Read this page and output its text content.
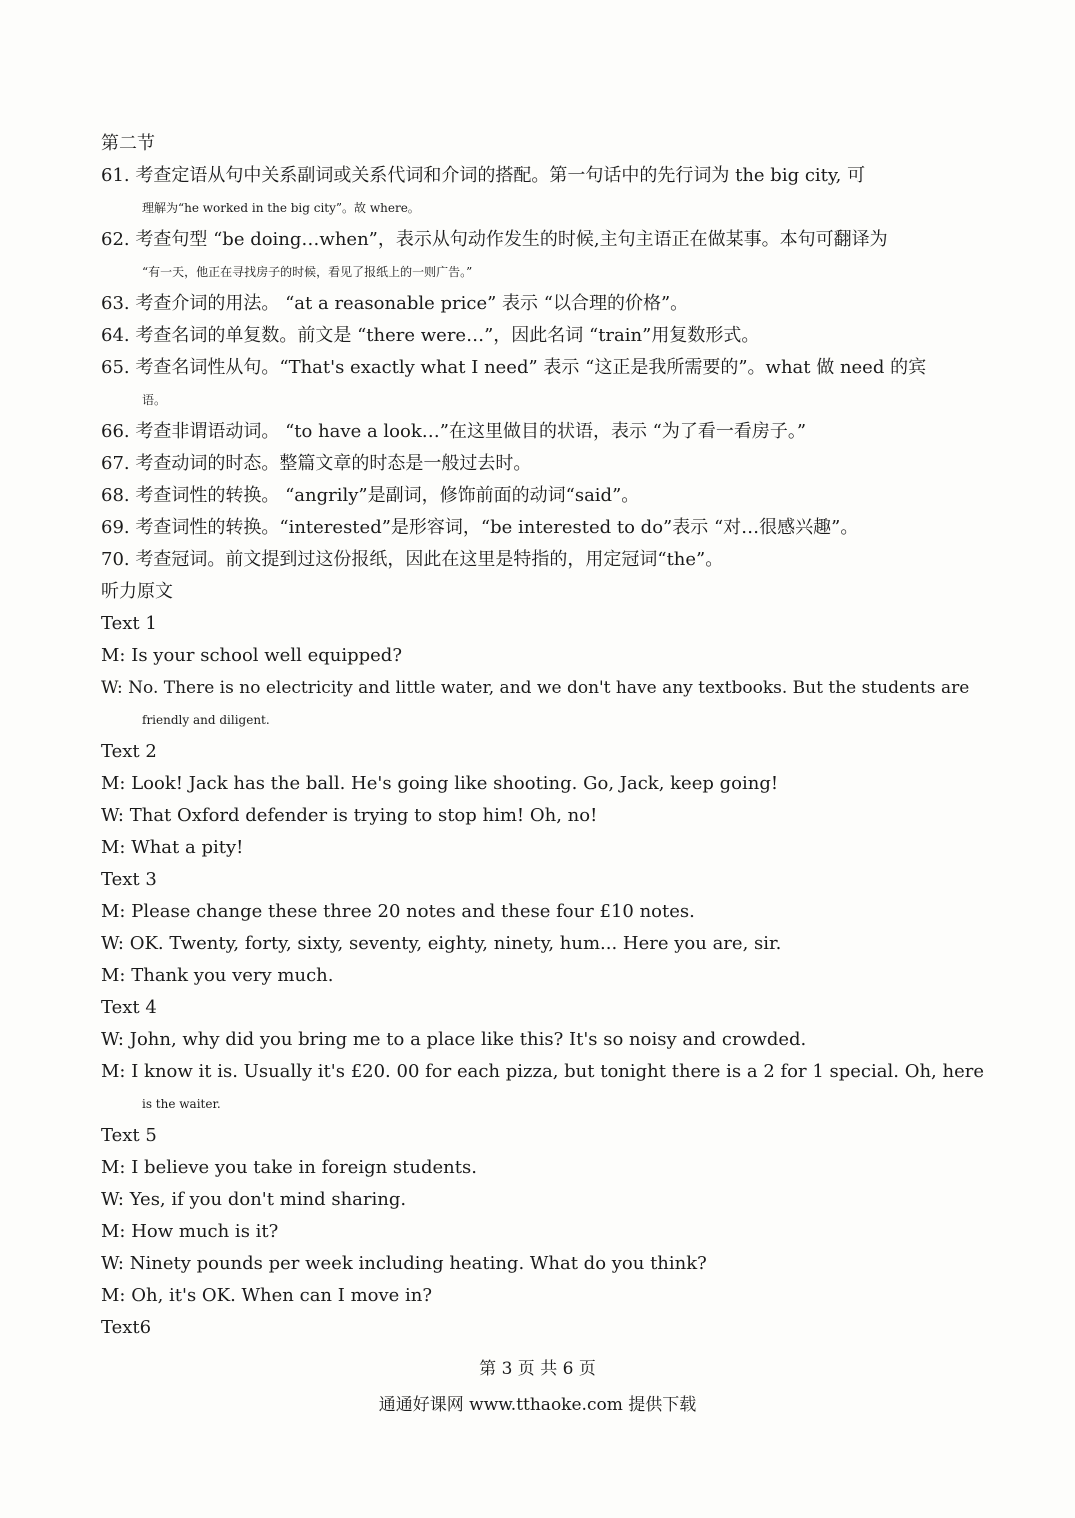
第二节
61. 考查定语从句中关系副词或关系代词和介词的搭配。第一句话中的先行词为 the big city, 可
理解为“he worked in the big city”。故 where。
62. 考查句型 “be doing…when”，表示从句动作发生的时候,主句主语正在做某事。本句可翻译为
“有一天，他正在寻找房子的时候，看见了报纸上的一则广告。”
63. 考查介词的用法。 “at a reasonable price” 表示 “以合理的价格”。
64. 考查名词的单复数。前文是 “there were…”，因此名词 “train”用复数形式。
65. 考查名词性从句。“That's exactly what I need” 表示 “这正是我所需要的”。what 做 need 的宾
语。
66. 考查非谓语动词。 “to have a look…”在这里做目的状语，表示 “为了看一看房子。”
67. 考查动词的时态。整篇文章的时态是一般过去时。
68. 考查词性的转换。 “angrily”是副词，修饰前面的动词“said”。
69. 考查词性的转换。“interested”是形容词，“be interested to do”表示 “对…很感兴趣”。
70. 考查冠词。前文提到过这份报纸，因此在这里是特指的，用定冠词“the”。
听力原文
Text 1
M: Is your school well equipped?
W: No. There is no electricity and little water, and we don't have any textbooks. But the students are
friendly and diligent.
Text 2
M: Look! Jack has the ball. He's going like shooting. Go, Jack, keep going!
W: That Oxford defender is trying to stop him! Oh, no!
M: What a pity!
Text 3
M: Please change these three 20 notes and these four £10 notes.
W: OK. Twenty, forty, sixty, seventy, eighty, ninety, hum... Here you are, sir.
M: Thank you very much.
Text 4
W: John, why did you bring me to a place like this? It's so noisy and crowded.
M: I know it is. Usually it's £20. 00 for each pizza, but tonight there is a 2 for 1 special. Oh, here
is the waiter.
Text 5
M: I believe you take in foreign students.
W: Yes, if you don't mind sharing.
M: How much is it?
W: Ninety pounds per week including heating. What do you think?
M: Oh, it's OK. When can I move in?
Text6
第 3 页 共 6 页
通通好课网 www.tthaoke.com 提供下载
